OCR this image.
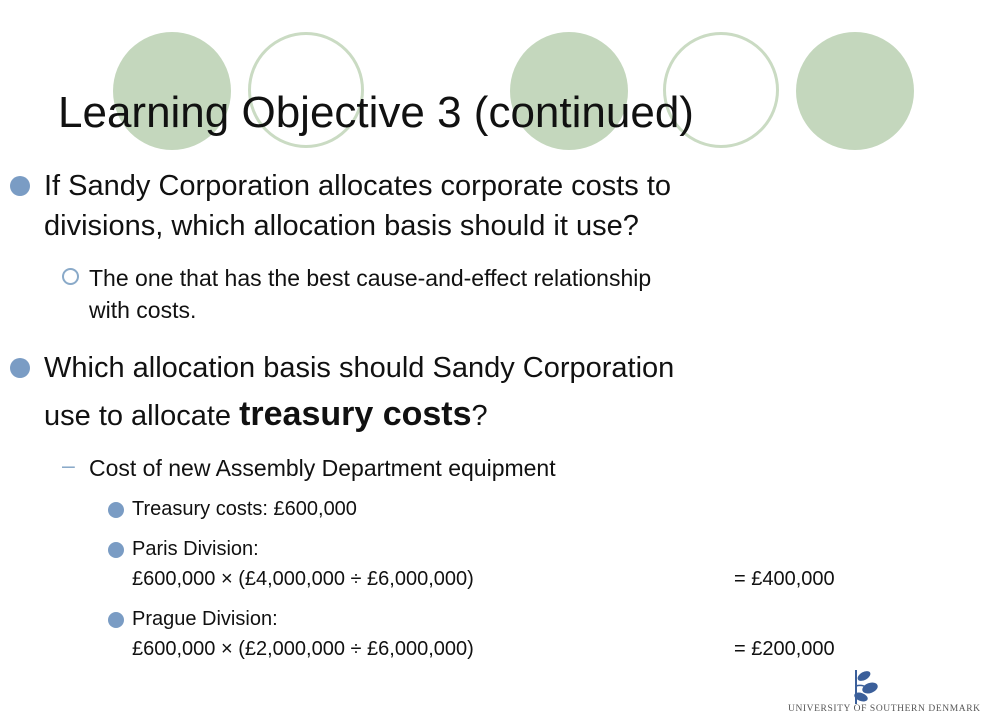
Learning Objective 3 (continued)
If Sandy Corporation allocates corporate costs to
divisions, which allocation basis should it use?
The one that has the best cause-and-effect relationship
with costs.
Which allocation basis should Sandy Corporation
use to allocate treasury costs?
– Cost of new Assembly Department equipment
Treasury costs: £600,000
Paris Division:
£600,000 × (£4,000,000 ÷ £6,000,000)	= £400,000
Prague Division:
£600,000 × (£2,000,000 ÷ £6,000,000)	= £200,000
UNIVERSITY OF SOUTHERN DENMARK
